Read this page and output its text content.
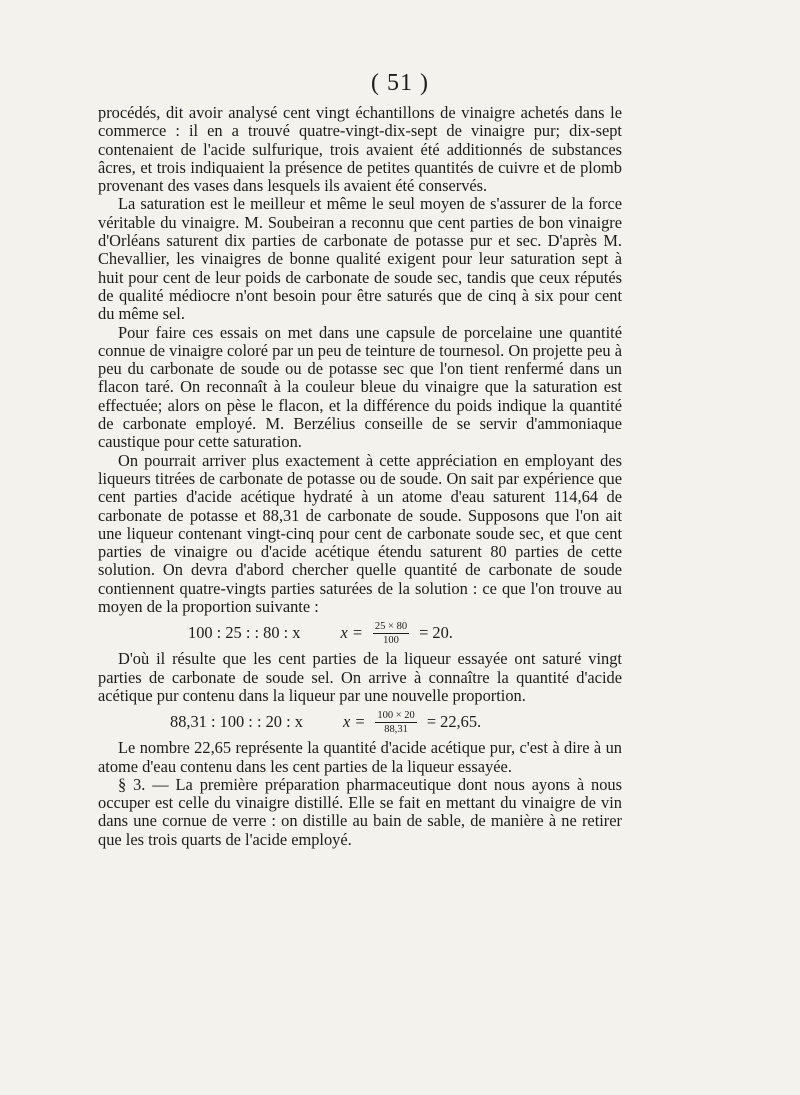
( 51 )

procédés, dit avoir analysé cent vingt échantillons de vinaigre achetés dans le commerce : il en a trouvé quatre-vingt-dix-sept de vinaigre pur; dix-sept contenaient de l'acide sulfurique, trois avaient été additionnés de substances âcres, et trois indiquaient la présence de petites quantités de cuivre et de plomb provenant des vases dans lesquels ils avaient été conservés.

La saturation est le meilleur et même le seul moyen de s'assurer de la force véritable du vinaigre. M. Soubeiran a reconnu que cent parties de bon vinaigre d'Orléans saturent dix parties de carbonate de potasse pur et sec. D'après M. Chevallier, les vinaigres de bonne qualité exigent pour leur saturation sept à huit pour cent de leur poids de carbonate de soude sec, tandis que ceux réputés de qualité médiocre n'ont besoin pour être saturés que de cinq à six pour cent du même sel.

Pour faire ces essais on met dans une capsule de porcelaine une quantité connue de vinaigre coloré par un peu de teinture de tournesol. On projette peu à peu du carbonate de soude ou de potasse sec que l'on tient renfermé dans un flacon taré. On reconnaît à la couleur bleue du vinaigre que la saturation est effectuée; alors on pèse le flacon, et la différence du poids indique la quantité de carbonate employé. M. Berzélius conseille de se servir d'ammoniaque caustique pour cette saturation.

On pourrait arriver plus exactement à cette appréciation en employant des liqueurs titrées de carbonate de potasse ou de soude. On sait par expérience que cent parties d'acide acétique hydraté à un atome d'eau saturent 114,64 de carbonate de potasse et 88,31 de carbonate de soude. Supposons que l'on ait une liqueur contenant vingt-cinq pour cent de carbonate soude sec, et que cent parties de vinaigre ou d'acide acétique étendu saturent 80 parties de cette solution. On devra d'abord chercher quelle quantité de carbonate de soude contiennent quatre-vingts parties saturées de la solution : ce que l'on trouve au moyen de la proportion suivante :

100 : 25 : : 80 : x $x = \frac{25 \times 80}{100} = 20$.

D'où il résulte que les cent parties de la liqueur essayée ont saturé vingt parties de carbonate de soude sel. On arrive à connaître la quantité d'acide acétique pur contenu dans la liqueur par une nouvelle proportion.

88,31 : 100 : : 20 : x $x = \frac{100 \times 20}{88,31} = 22,65$.

Le nombre 22,65 représente la quantité d'acide acétique pur, c'est à dire à un atome d'eau contenu dans les cent parties de la liqueur essayée.

§ 3. — La première préparation pharmaceutique dont nous ayons à nous occuper est celle du vinaigre distillé. Elle se fait en mettant du vinaigre de vin dans une cornue de verre : on distille au bain de sable, de manière à ne retirer que les trois quarts de l'acide employé.
